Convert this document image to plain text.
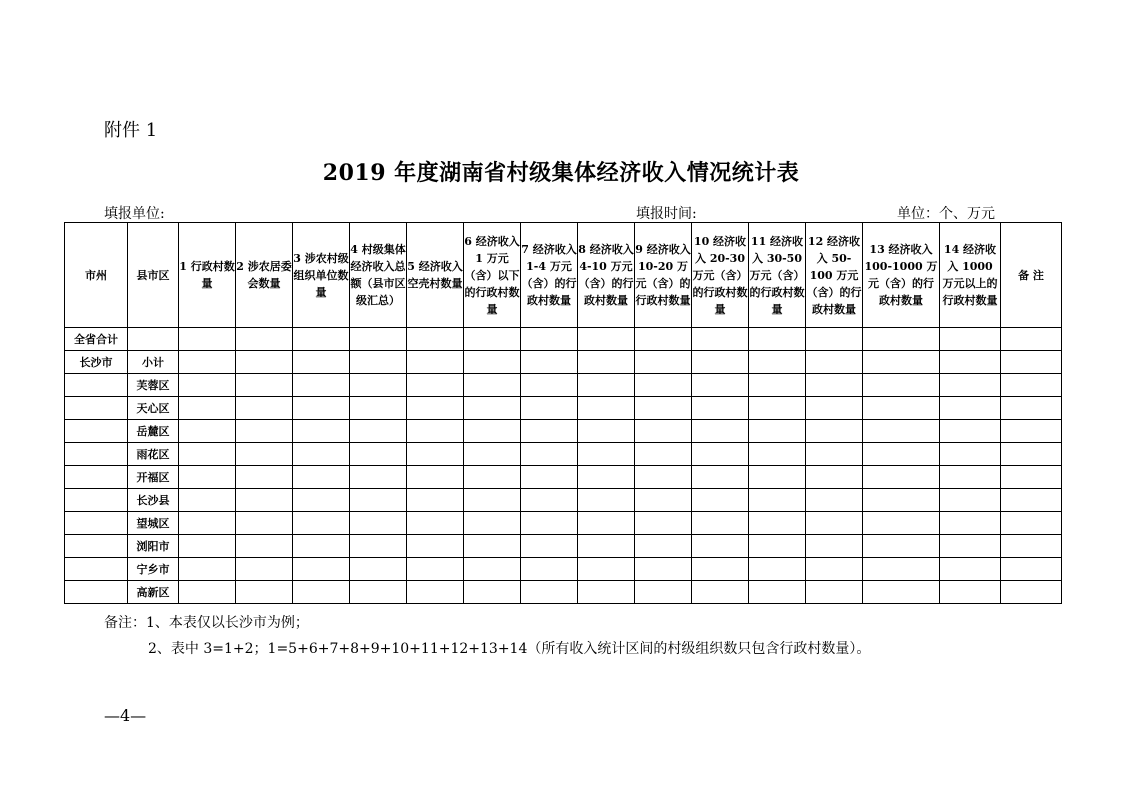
附件 1
2019 年度湖南省村级集体经济收入情况统计表
填报单位:	填报时间:	单位：个、万元
市州	县市区	1 行政村数量	2 涉农居委会数量	3 涉农村级组织单位数量	4 村级集体经济收入总额（县市区级汇总）	5 经济收入空壳村数量	6 经济收入 1 万元（含）以下的行政村数量	7 经济收入 1-4 万元（含）的行政村数量	8 经济收入 4-10 万元（含）的行政村数量	9 经济收入 10-20 万元（含）的行政村数量	10 经济收入 20-30 万元（含）的行政村数量	11 经济收入 30-50 万元（含）的行政村数量	12 经济收入 50-100 万元（含）的行政村数量	13 经济收入 100-1000 万元（含）的行政村数量	14 经济收入 1000 万元以上的行政村数量	备 注
全省合计																
长沙市	小计															
	芙蓉区															
	天心区															
	岳麓区															
	雨花区															
	开福区															
	长沙县															
	望城区															
	浏阳市															
	宁乡市															
	高新区															
备注：1、本表仅以长沙市为例；
2、表中 3=1+2；1=5+6+7+8+9+10+11+12+13+14（所有收入统计区间的村级组织数只包含行政村数量）。
—4—
